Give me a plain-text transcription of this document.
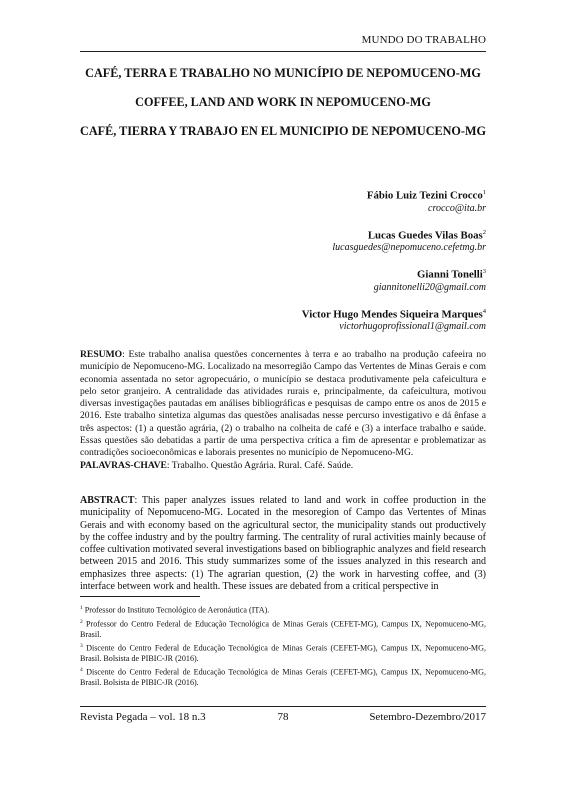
MUNDO DO TRABALHO

CAFÉ, TERRA E TRABALHO NO MUNICÍPIO DE NEPOMUCENO-MG

COFFEE, LAND AND WORK IN NEPOMUCENO-MG

CAFÉ, TIERRA Y TRABAJO EN EL MUNICIPIO DE NEPOMUCENO-MG

Fábio Luiz Tezini Crocco$^1$
crocco@ita.br
Lucas Guedes Vilas Boas$^2$
lucasguedes@nepomuceno.cefetmg.br
Gianni Tonelli$^3$
giannitonelli20@gmail.com
Victor Hugo Mendes Siqueira Marques$^4$
victorhugoprofissional1@gmail.com

RESUMO: Este trabalho analisa questões concernentes à terra e ao trabalho na produção cafeeira no município de Nepomuceno-MG. Localizado na mesorregião Campo das Vertentes de Minas Gerais e com economia assentada no setor agropecuário, o município se destaca produtivamente pela cafeicultura e pelo setor granjeiro. A centralidade das atividades rurais e, principalmente, da cafeicultura, motivou diversas investigações pautadas em análises bibliográficas e pesquisas de campo entre os anos de 2015 e 2016. Este trabalho sintetiza algumas das questões analisadas nesse percurso investigativo e dá ênfase a três aspectos: (1) a questão agrária, (2) o trabalho na colheita de café e (3) a interface trabalho e saúde. Essas questões são debatidas a partir de uma perspectiva crítica a fim de apresentar e problematizar as contradições socioeconômicas e laborais presentes no município de Nepomuceno-MG.

PALAVRAS-CHAVE: Trabalho. Questão Agrária. Rural. Café. Saúde.

ABSTRACT: This paper analyzes issues related to land and work in coffee production in the municipality of Nepomuceno-MG. Located in the mesoregion of Campo das Vertentes of Minas Gerais and with economy based on the agricultural sector, the municipality stands out productively by the coffee industry and by the poultry farming. The centrality of rural activities mainly because of coffee cultivation motivated several investigations based on bibliographic analyzes and field research between 2015 and 2016. This study summarizes some of the issues analyzed in this research and emphasizes three aspects: (1) The agrarian question, (2) the work in harvesting coffee, and (3) interface between work and health. These issues are debated from a critical perspective in

$^1$ Professor do Instituto Tecnológico de Aeronáutica (ITA).

$^2$ Professor do Centro Federal de Educação Tecnológica de Minas Gerais (CEFET-MG), Campus IX, Nepomuceno-MG, Brasil.

$^3$ Discente do Centro Federal de Educação Tecnológica de Minas Gerais (CEFET-MG), Campus IX, Nepomuceno-MG, Brasil. Bolsista de PIBIC-JR (2016).

$^4$ Discente do Centro Federal de Educação Tecnológica de Minas Gerais (CEFET-MG), Campus IX, Nepomuceno-MG, Brasil. Bolsista de PIBIC-JR (2016).

Revista Pegada – vol. 18 n.3	78	Setembro-Dezembro/2017
